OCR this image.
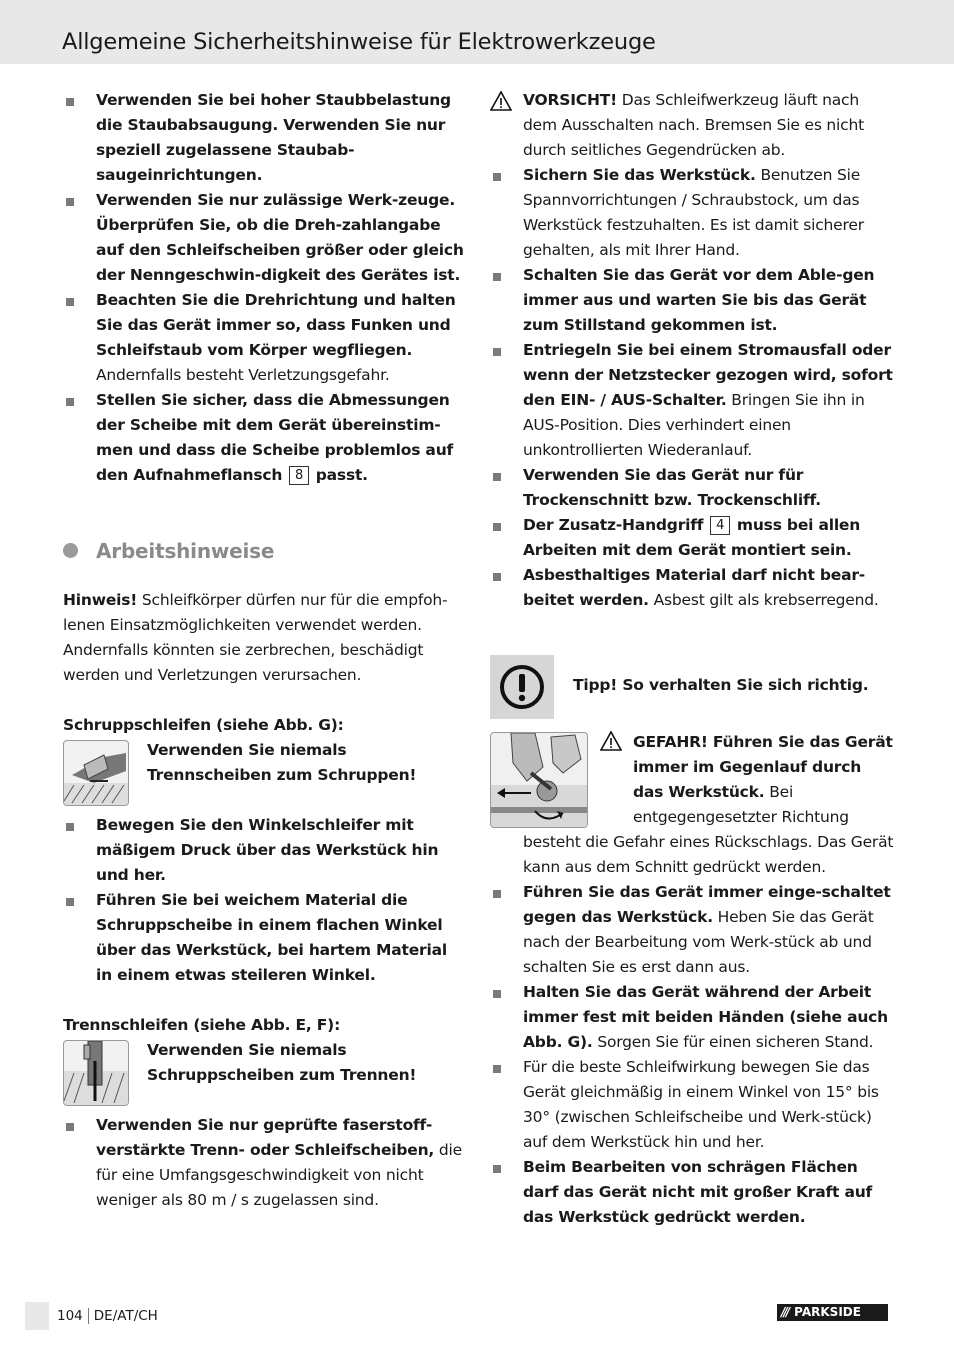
Allgemeine Sicherheitshinweise für Elektrowerkzeuge
Verwenden Sie bei hoher Staubbelastung die Staubabsaugung. Verwenden Sie nur speziell zugelassene Staubab-saugeinrichtungen.
Verwenden Sie nur zulässige Werk-zeuge. Überprüfen Sie, ob die Dreh-zahlangabe auf den Schleifscheiben größer oder gleich der Nenngeschwin-digkeit des Gerätes ist.
Beachten Sie die Drehrichtung und halten Sie das Gerät immer so, dass Funken und Schleifstaub vom Körper wegfliegen. Andernfalls besteht Verletzungsgefahr.
Stellen Sie sicher, dass die Abmessungen der Scheibe mit dem Gerät übereinstim-men und dass die Scheibe problemlos auf den Aufnahmeflansch 8 passt.
Arbeitshinweise

Hinweis! Schleifkörper dürfen nur für die empfoh-lenen Einsatzmöglichkeiten verwendet werden. Andernfalls könnten sie zerbrechen, beschädigt werden und Verletzungen verursachen.

Schruppschleifen (siehe Abb. G):

Verwenden Sie niemals Trennscheiben zum Schruppen!
Bewegen Sie den Winkelschleifer mit mäßigem Druck über das Werkstück hin und her.
Führen Sie bei weichem Material die Schruppscheibe in einem flachen Winkel über das Werkstück, bei hartem Material in einem etwas steileren Winkel.

Trennschleifen (siehe Abb. E, F):

Verwenden Sie niemals Schruppscheiben zum Trennen!
Verwenden Sie nur geprüfte faserstoff-verstärkte Trenn- oder Schleifscheiben, die für eine Umfangsgeschwindigkeit von nicht weniger als 80 m / s zugelassen sind.
VORSICHT! Das Schleifwerkzeug läuft nach dem Ausschalten nach. Bremsen Sie es nicht durch seitliches Gegendrücken ab.
Sichern Sie das Werkstück. Benutzen Sie Spannvorrichtungen / Schraubstock, um das Werkstück festzuhalten. Es ist damit sicherer gehalten, als mit Ihrer Hand.
Schalten Sie das Gerät vor dem Able-gen immer aus und warten Sie bis das Gerät zum Stillstand gekommen ist.
Entriegeln Sie bei einem Stromausfall oder wenn der Netzstecker gezogen wird, sofort den EIN- / AUS-Schalter. Bringen Sie ihn in AUS-Position. Dies verhindert einen unkontrollierten Wiederanlauf.
Verwenden Sie das Gerät nur für Trockenschnitt bzw. Trockenschliff.
Der Zusatz-Handgriff 4 muss bei allen Arbeiten mit dem Gerät montiert sein.
Asbesthaltiges Material darf nicht bear-beitet werden. Asbest gilt als krebserregend.
Tipp! So verhalten Sie sich richtig.
GEFAHR! Führen Sie das Gerät immer im Gegenlauf durch das Werkstück. Bei entgegengesetzter Richtung
besteht die Gefahr eines Rückschlags. Das Gerät kann aus dem Schnitt gedrückt werden.
Führen Sie das Gerät immer einge-schaltet gegen das Werkstück. Heben Sie das Gerät nach der Bearbeitung vom Werk-stück ab und schalten Sie es erst dann aus.
Halten Sie das Gerät während der Arbeit immer fest mit beiden Händen (siehe auch Abb. G). Sorgen Sie für einen sicheren Stand.
Für die beste Schleifwirkung bewegen Sie das Gerät gleichmäßig in einem Winkel von 15° bis 30° (zwischen Schleifscheibe und Werk-stück) auf dem Werkstück hin und her.
Beim Bearbeiten von schrägen Flächen darf das Gerät nicht mit großer Kraft auf das Werkstück gedrückt werden.
104 DE/AT/CH	/// PARKSIDE
